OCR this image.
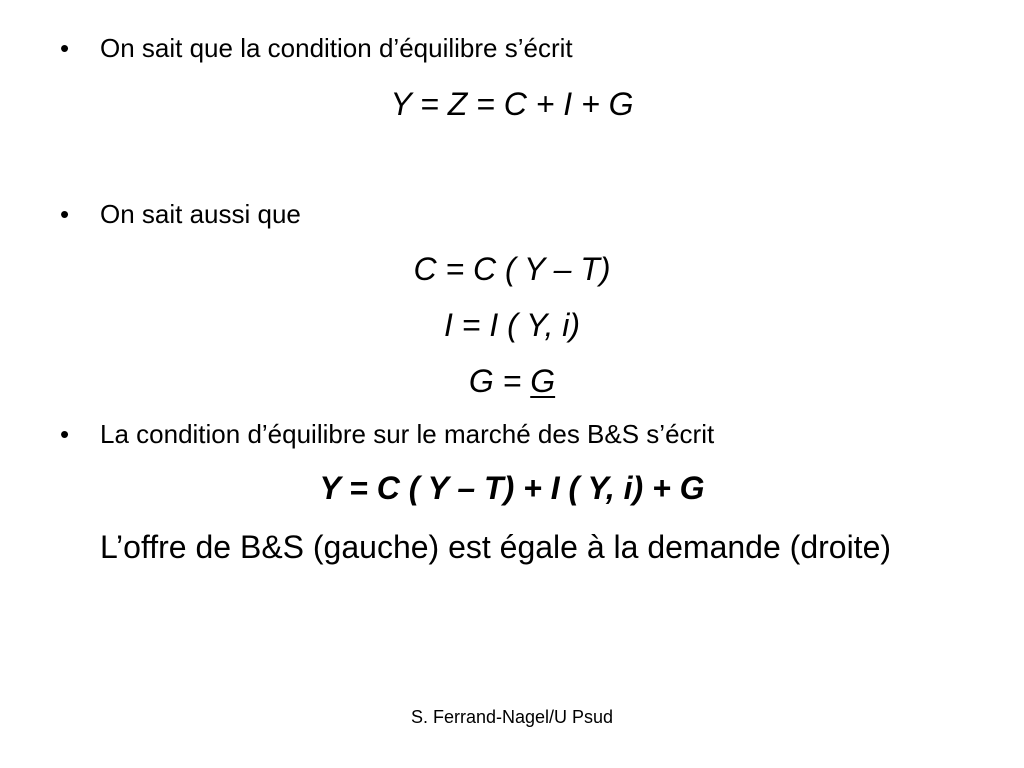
•	On sait que la condition d’équilibre s’écrit
Y = Z = C + I + G
•	On sait aussi que
C = C ( Y – T)
I = I ( Y, i)
G = G
•	La condition d’équilibre sur le marché des B&S s’écrit
Y = C ( Y – T) + I ( Y, i) + G
L’offre de B&S (gauche) est égale à la demande (droite)
S. Ferrand-Nagel/U Psud
